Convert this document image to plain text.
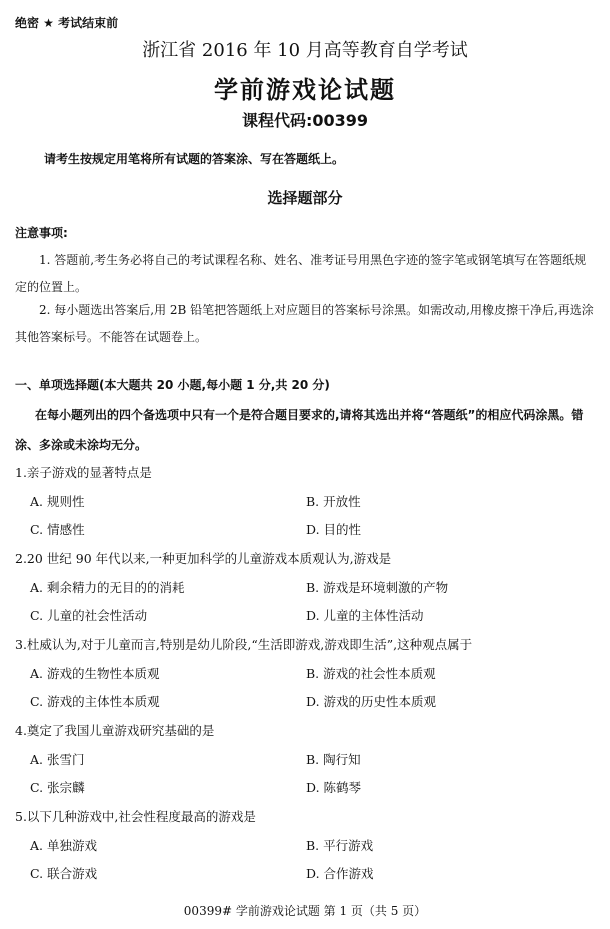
绝密 ★ 考试结束前
浙江省 2016 年 10 月高等教育自学考试
学前游戏论试题
课程代码:00399
请考生按规定用笔将所有试题的答案涂、写在答题纸上。
选择题部分
注意事项:
1. 答题前,考生务必将自己的考试课程名称、姓名、准考证号用黑色字迹的签字笔或钢笔填写在答题纸规定的位置上。
2. 每小题选出答案后,用 2B 铅笔把答题纸上对应题目的答案标号涂黑。如需改动,用橡皮擦干净后,再选涂其他答案标号。不能答在试题卷上。
一、单项选择题(本大题共 20 小题,每小题 1 分,共 20 分)
在每小题列出的四个备选项中只有一个是符合题目要求的,请将其选出并将“答题纸”的相应代码涂黑。错涂、多涂或未涂均无分。
1.亲子游戏的显著特点是
A. 规则性	B. 开放性
C. 情感性	D. 目的性
2.20 世纪 90 年代以来,一种更加科学的儿童游戏本质观认为,游戏是
A. 剩余精力的无目的的消耗	B. 游戏是环境刺激的产物
C. 儿童的社会性活动	D. 儿童的主体性活动
3.杜威认为,对于儿童而言,特别是幼儿阶段,“生活即游戏,游戏即生活”,这种观点属于
A. 游戏的生物性本质观	B. 游戏的社会性本质观
C. 游戏的主体性本质观	D. 游戏的历史性本质观
4.奠定了我国儿童游戏研究基础的是
A. 张雪门	B. 陶行知
C. 张宗麟	D. 陈鹤琴
5.以下几种游戏中,社会性程度最高的游戏是
A. 单独游戏	B. 平行游戏
C. 联合游戏	D. 合作游戏
00399# 学前游戏论试题 第 1 页（共 5 页）
